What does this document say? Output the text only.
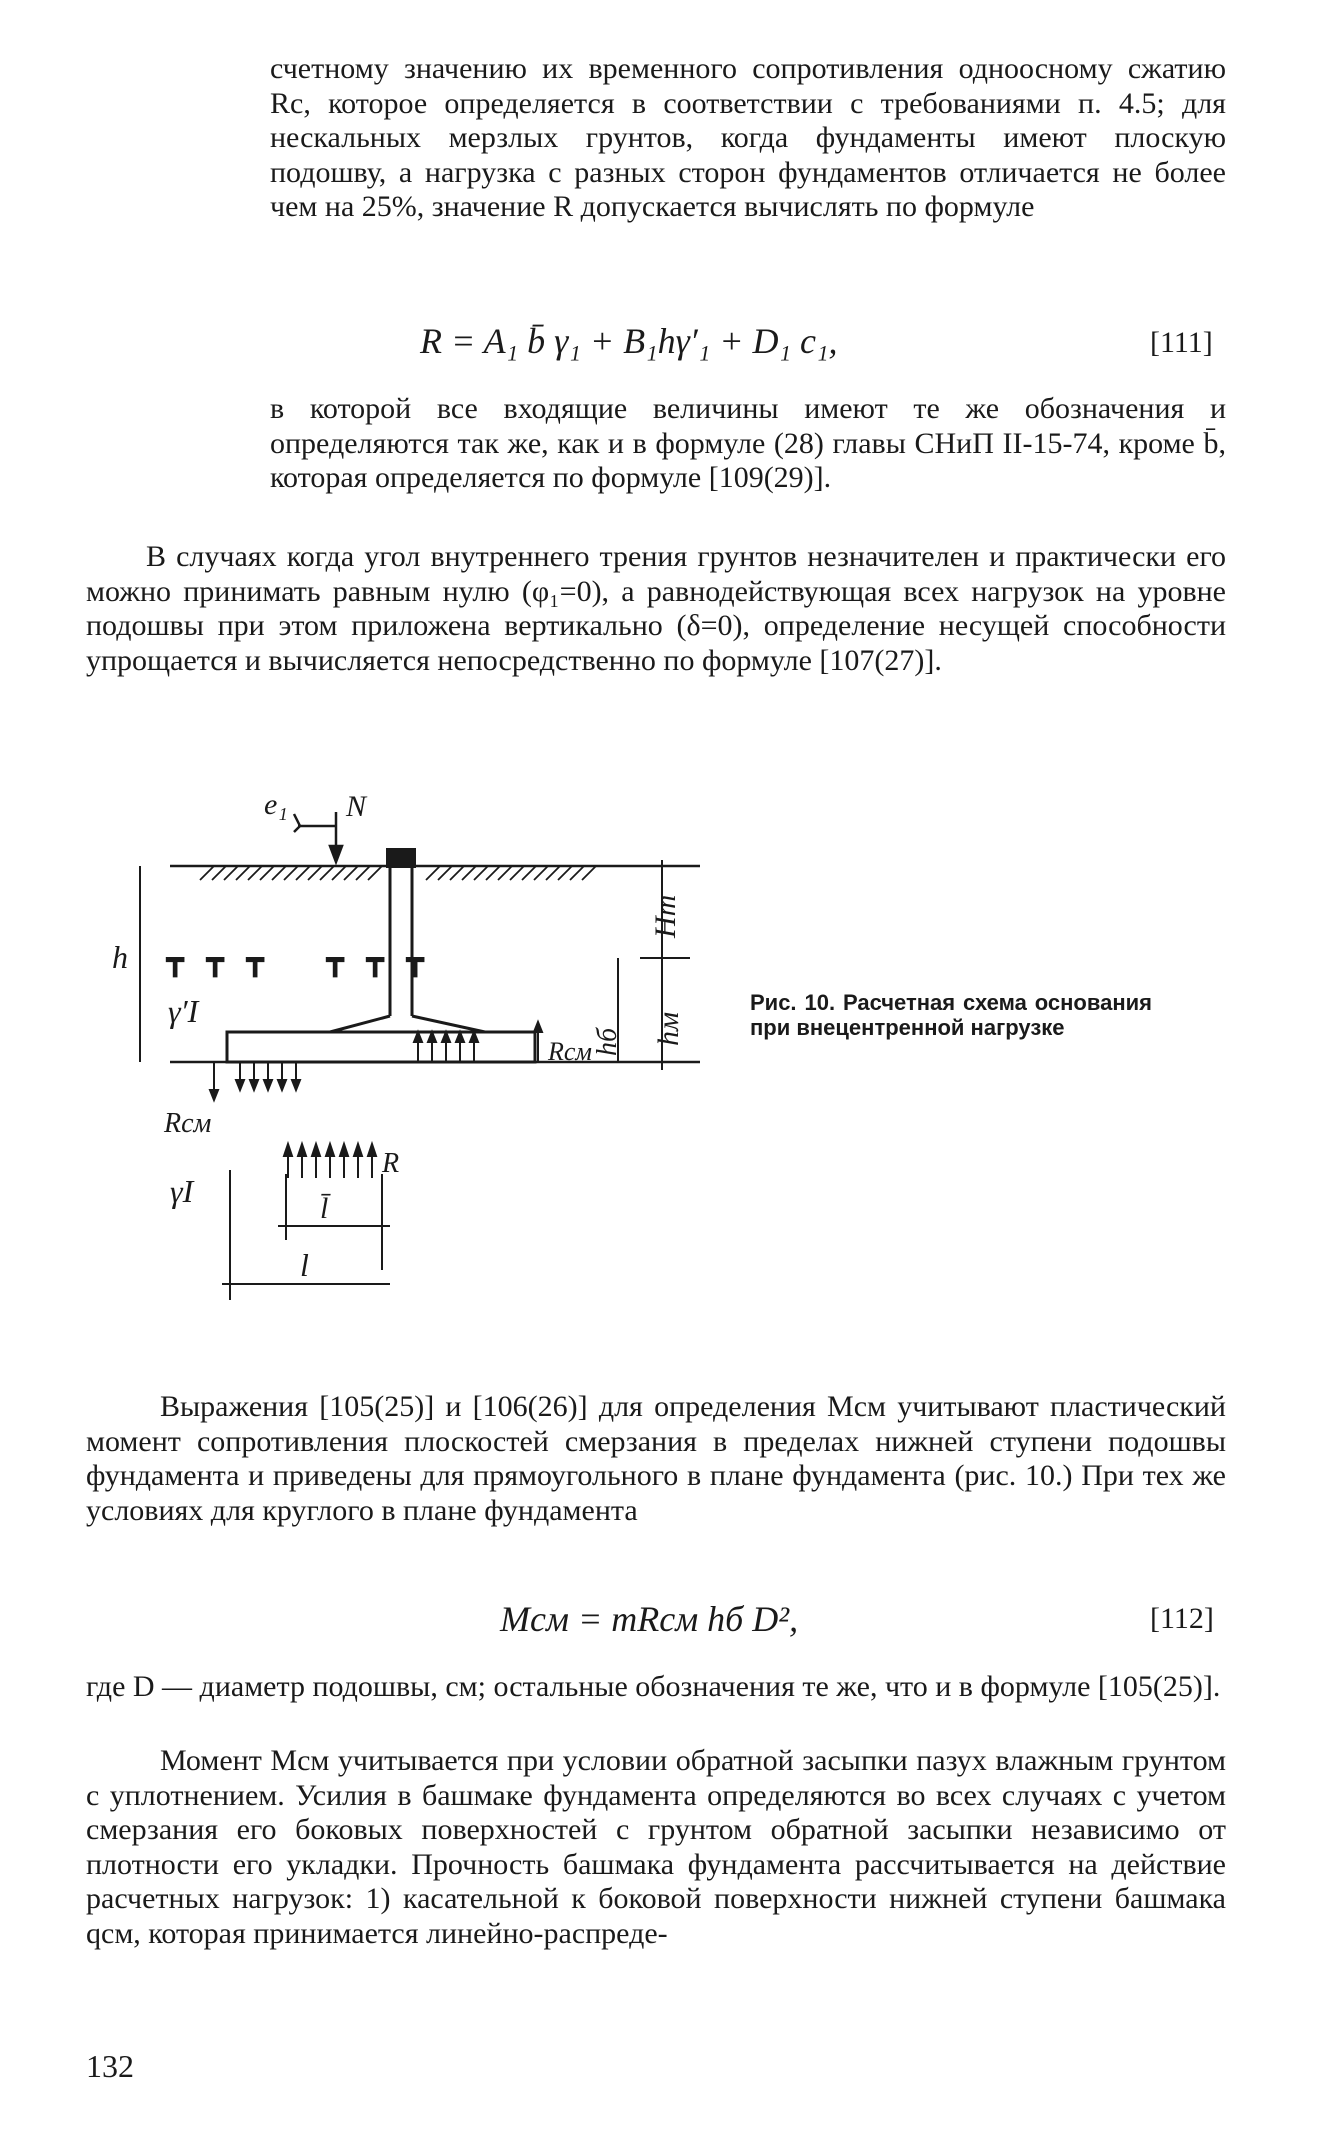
счетному значению их временного сопротивления одноосному сжатию Rc, которое определяется в соответствии с требованиями п. 4.5; для нескальных мерзлых грунтов, когда фундаменты имеют плоскую подошву, а нагрузка с разных сторон фундаментов отличается не более чем на 25%, значение R допускается вычислять по формуле

R = A₁ b̄ γ₁ + B₁hγ′₁ + D₁ c₁,	[111]

в которой все входящие величины имеют те же обозначения и определяются так же, как и в формуле (28) главы СНиП II-15-74, кроме b̄, которая определяется по формуле [109(29)].

В случаях когда угол внутреннего трения грунтов незначителен и практически его можно принимать равным нулю (φ₁=0), а равнодействующая всех нагрузок на уровне подошвы при этом приложена вертикально (δ=0), определение несущей способности упрощается и вычисляется непосредственно по формуле [107(27)].

┳ ┳ ┳ ┳ ┳ ┳
e₁ N
h
Hт
hм
hб
Rсм
Rсм
γI
γ′I
R
l̄
l
Рис. 10. Расчетная схема основания при внецентренной нагрузке

Выражения [105(25)] и [106(26)] для определения Mсм учитывают пластический момент сопротивления плоскостей смерзания в пределах нижней ступени подошвы фундамента и приведены для прямоугольного в плане фундамента (рис. 10.) При тех же условиях для круглого в плане фундамента

Mсм = mRсм hб D²,	[112]

где D — диаметр подошвы, см; остальные обозначения те же, что и в формуле [105(25)].

Момент Mсм учитывается при условии обратной засыпки пазух влажным грунтом с уплотнением. Усилия в башмаке фундамента определяются во всех случаях с учетом смерзания его боковых поверхностей с грунтом обратной засыпки независимо от плотности его укладки. Прочность башмака фундамента рассчитывается на действие расчетных нагрузок: 1) касательной к боковой поверхности нижней ступени башмака qсм, которая принимается линейно-распреде-

132
